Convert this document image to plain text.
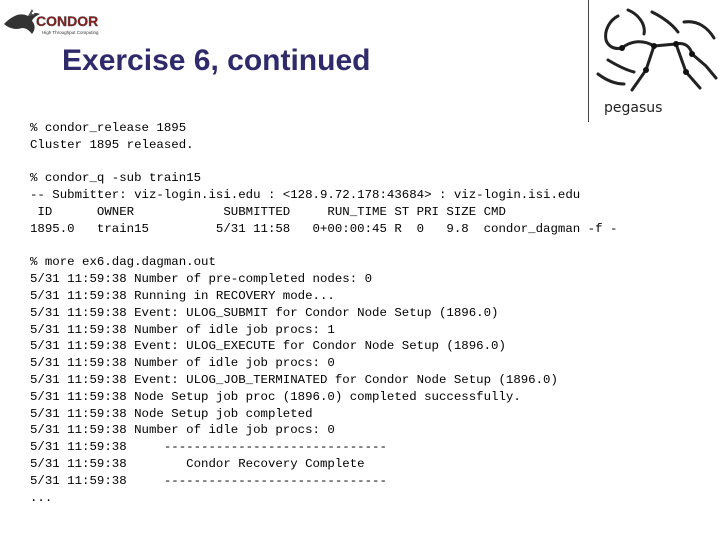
CONDOR
High Throughput Computing
pegasus
Exercise 6, continued
% condor_release 1895
Cluster 1895 released.
% condor_q -sub train15
-- Submitter: viz-login.isi.edu : <128.9.72.178:43684> : viz-login.isi.edu
ID      OWNER            SUBMITTED     RUN_TIME ST PRI SIZE CMD
1895.0   train15         5/31 11:58   0+00:00:45 R  0   9.8  condor_dagman -f -
% more ex6.dag.dagman.out
5/31 11:59:38 Number of pre-completed nodes: 0
5/31 11:59:38 Running in RECOVERY mode...
5/31 11:59:38 Event: ULOG_SUBMIT for Condor Node Setup (1896.0)
5/31 11:59:38 Number of idle job procs: 1
5/31 11:59:38 Event: ULOG_EXECUTE for Condor Node Setup (1896.0)
5/31 11:59:38 Number of idle job procs: 0
5/31 11:59:38 Event: ULOG_JOB_TERMINATED for Condor Node Setup (1896.0)
5/31 11:59:38 Node Setup job proc (1896.0) completed successfully.
5/31 11:59:38 Node Setup job completed
5/31 11:59:38 Number of idle job procs: 0
5/31 11:59:38     ------------------------------
5/31 11:59:38        Condor Recovery Complete
5/31 11:59:38     ------------------------------
...
